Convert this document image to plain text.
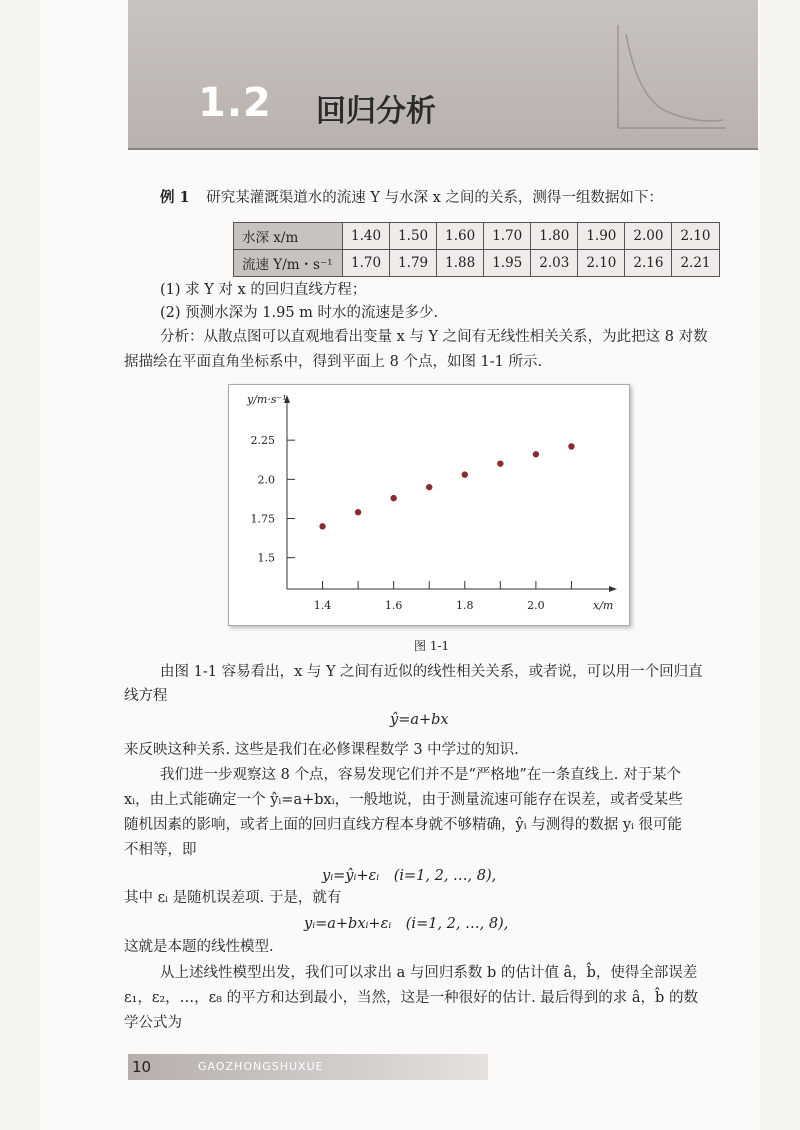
1.2 回归分析
例 1 研究某灌溉渠道水的流速 Y 与水深 x 之间的关系，测得一组数据如下：
水深 x/m	1.40	1.50	1.60	1.70	1.80	1.90	2.00	2.10
流速 Y/m・s⁻¹	1.70	1.79	1.88	1.95	2.03	2.10	2.16	2.21
(1) 求 Y 对 x 的回归直线方程；
(2) 预测水深为 1.95 m 时水的流速是多少.
分析：从散点图可以直观地看出变量 x 与 Y 之间有无线性相关关系，为此把这 8 对数
据描绘在平面直角坐标系中，得到平面上 8 个点，如图 1-1 所示.
1.4	1.6	1.8	2.0
1.5
1.75
2.0
2.25
y/m·s⁻¹
x/m
图 1-1
由图 1-1 容易看出，x 与 Y 之间有近似的线性相关关系，或者说，可以用一个回归直
线方程
ŷ=a+bx
来反映这种关系. 这些是我们在必修课程数学 3 中学过的知识.
我们进一步观察这 8 个点，容易发现它们并不是“严格地”在一条直线上. 对于某个
xᵢ，由上式能确定一个 ŷᵢ=a+bxᵢ，一般地说，由于测量流速可能存在误差，或者受某些
随机因素的影响，或者上面的回归直线方程本身就不够精确，ŷᵢ 与测得的数据 yᵢ 很可能
不相等，即
yᵢ=ŷᵢ+εᵢ　(i=1, 2, …, 8),
其中 εᵢ 是随机误差项. 于是，就有
yᵢ=a+bxᵢ+εᵢ　(i=1, 2, …, 8),
这就是本题的线性模型.
从上述线性模型出发，我们可以求出 a 与回归系数 b 的估计值 â，b̂，使得全部误差
ε₁，ε₂，…，ε₈ 的平方和达到最小，当然，这是一种很好的估计. 最后得到的求 â，b̂ 的数
学公式为
10	GAOZHONGSHUXUE
